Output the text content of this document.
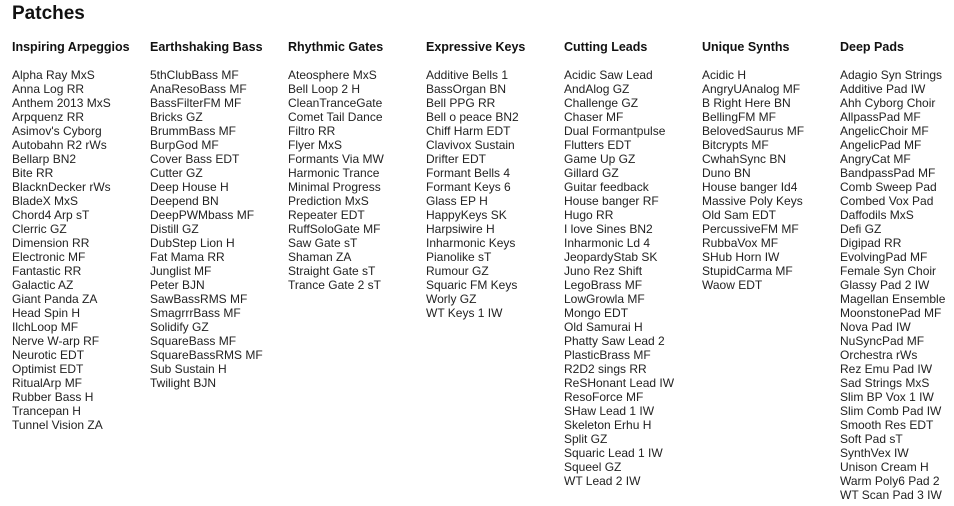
Patches
Inspiring Arpeggios
Alpha Ray MxS
Anna Log RR
Anthem 2013 MxS
Arpquenz RR
Asimov's Cyborg
Autobahn R2 rWs
Bellarp BN2
Bite RR
BlacknDecker rWs
BladeX MxS
Chord4 Arp sT
Clerric GZ
Dimension RR
Electronic MF
Fantastic RR
Galactic AZ
Giant Panda ZA
Head Spin H
IlchLoop MF
Nerve W-arp RF
Neurotic EDT
Optimist EDT
RitualArp MF
Rubber Bass H
Trancepan H
Tunnel Vision ZA
Earthshaking Bass
5thClubBass MF
AnaResoBass MF
BassFilterFM MF
Bricks GZ
BrummBass MF
BurpGod MF
Cover Bass EDT
Cutter GZ
Deep House H
Deepend BN
DeepPWMbass MF
Distill GZ
DubStep Lion H
Fat Mama RR
Junglist MF
Peter BJN
SawBassRMS MF
SmagrrrBass MF
Solidify GZ
SquareBass MF
SquareBassRMS MF
Sub Sustain H
Twilight BJN
Rhythmic Gates
Ateosphere MxS
Bell Loop 2 H
CleanTranceGate
Comet Tail Dance
Filtro RR
Flyer MxS
Formants Via MW
Harmonic Trance
Minimal Progress
Prediction MxS
Repeater EDT
RuffSoloGate MF
Saw Gate sT
Shaman ZA
Straight Gate sT
Trance Gate 2 sT
Expressive Keys
Additive Bells 1
BassOrgan BN
Bell PPG RR
Bell o peace BN2
Chiff Harm EDT
Clavivox Sustain
Drifter EDT
Formant Bells 4
Formant Keys 6
Glass EP H
HappyKeys SK
Harpsiwire H
Inharmonic Keys
Pianolike sT
Rumour GZ
Squaric FM Keys
Worly GZ
WT Keys 1 IW
Cutting Leads
Acidic Saw Lead
AndAlog GZ
Challenge GZ
Chaser MF
Dual Formantpulse
Flutters EDT
Game Up GZ
Gillard GZ
Guitar feedback
House banger RF
Hugo RR
I love Sines BN2
Inharmonic Ld 4
JeopardyStab SK
Juno Rez Shift
LegoBrass MF
LowGrowla MF
Mongo EDT
Old Samurai H
Phatty Saw Lead 2
PlasticBrass MF
R2D2 sings RR
ReSHonant Lead IW
ResoForce MF
SHaw Lead 1 IW
Skeleton Erhu H
Split GZ
Squaric Lead 1 IW
Squeel GZ
WT Lead 2 IW
Unique Synths
Acidic H
AngryUAnalog MF
B Right Here BN
BellingFM MF
BelovedSaurus MF
Bitcrypts MF
CwhahSync BN
Duno BN
House banger Id4
Massive Poly Keys
Old Sam EDT
PercussiveFM MF
RubbaVox MF
SHub Horn IW
StupidCarma MF
Waow EDT
Deep Pads
Adagio Syn Strings
Additive Pad IW
Ahh Cyborg Choir
AllpassPad MF
AngelicChoir MF
AngelicPad MF
AngryCat MF
BandpassPad MF
Comb Sweep Pad
Combed Vox Pad
Daffodils MxS
Defi GZ
Digipad RR
EvolvingPad MF
Female Syn Choir
Glassy Pad 2 IW
Magellan Ensemble
MoonstonePad MF
Nova Pad IW
NuSyncPad MF
Orchestra rWs
Rez Emu Pad IW
Sad Strings MxS
Slim BP Vox 1 IW
Slim Comb Pad IW
Smooth Res EDT
Soft Pad sT
SynthVex IW
Unison Cream H
Warm Poly6 Pad 2
WT Scan Pad 3 IW
